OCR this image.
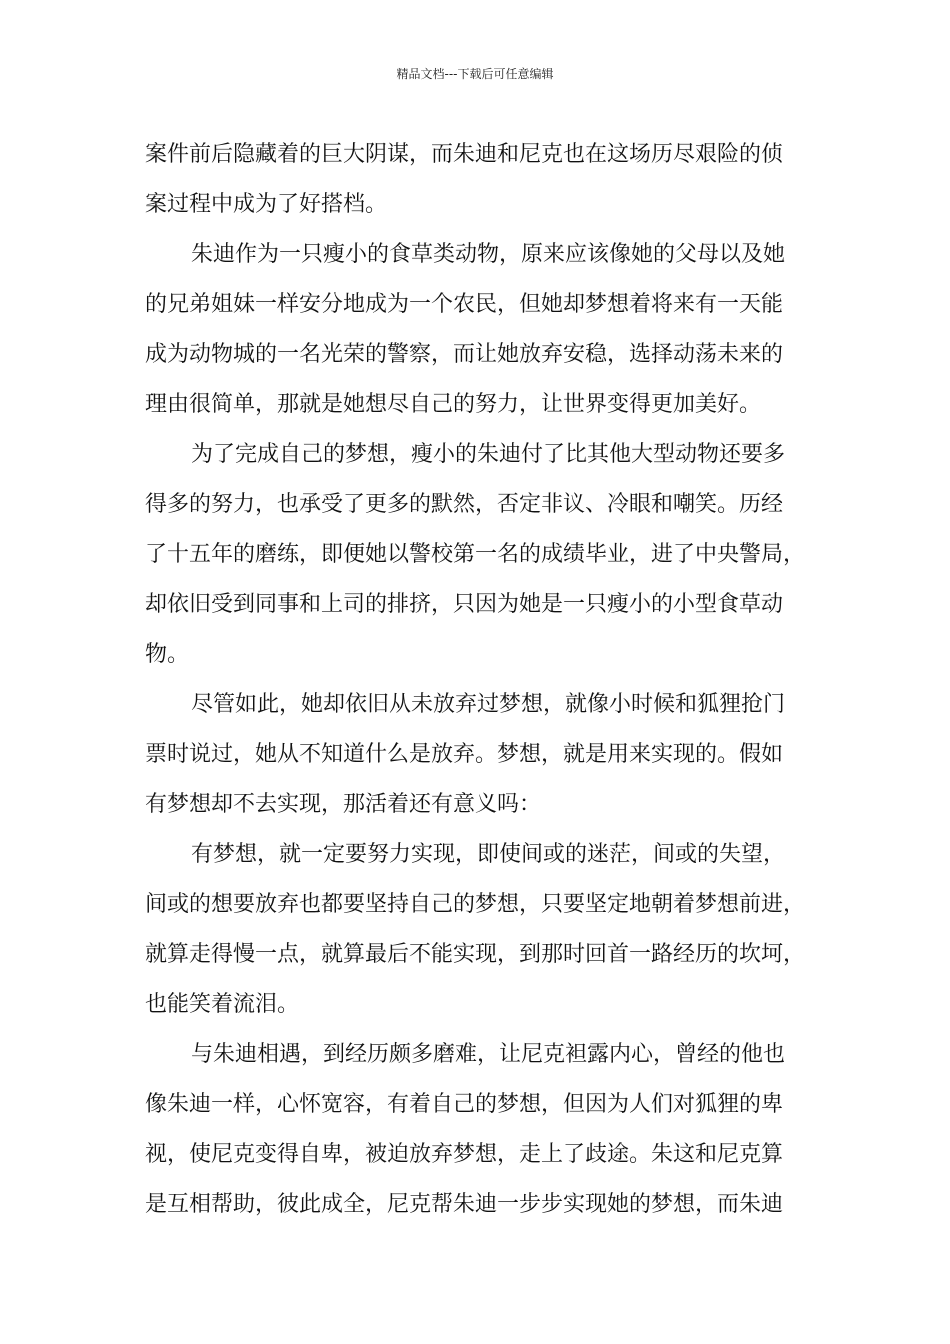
精品文档---下载后可任意编辑
案件前后隐藏着的巨大阴谋，而朱迪和尼克也在这场历尽艰险的侦
案过程中成为了好搭档。
朱迪作为一只瘦小的食草类动物，原来应该像她的父母以及她
的兄弟姐妹一样安分地成为一个农民，但她却梦想着将来有一天能
成为动物城的一名光荣的警察，而让她放弃安稳，选择动荡未来的
理由很简单，那就是她想尽自己的努力，让世界变得更加美好。
为了完成自己的梦想，瘦小的朱迪付了比其他大型动物还要多
得多的努力，也承受了更多的默然，否定非议、冷眼和嘲笑。历经
了十五年的磨练，即便她以警校第一名的成绩毕业，进了中央警局，
却依旧受到同事和上司的排挤，只因为她是一只瘦小的小型食草动
物。
尽管如此，她却依旧从未放弃过梦想，就像小时候和狐狸抢门
票时说过，她从不知道什么是放弃。梦想，就是用来实现的。假如
有梦想却不去实现，那活着还有意义吗：
有梦想，就一定要努力实现，即使间或的迷茫，间或的失望，
间或的想要放弃也都要坚持自己的梦想，只要坚定地朝着梦想前进，
就算走得慢一点，就算最后不能实现，到那时回首一路经历的坎坷，
也能笑着流泪。
与朱迪相遇，到经历颇多磨难，让尼克袒露内心，曾经的他也
像朱迪一样，心怀宽容，有着自己的梦想，但因为人们对狐狸的卑
视，使尼克变得自卑，被迫放弃梦想，走上了歧途。朱这和尼克算
是互相帮助，彼此成全，尼克帮朱迪一步步实现她的梦想，而朱迪
